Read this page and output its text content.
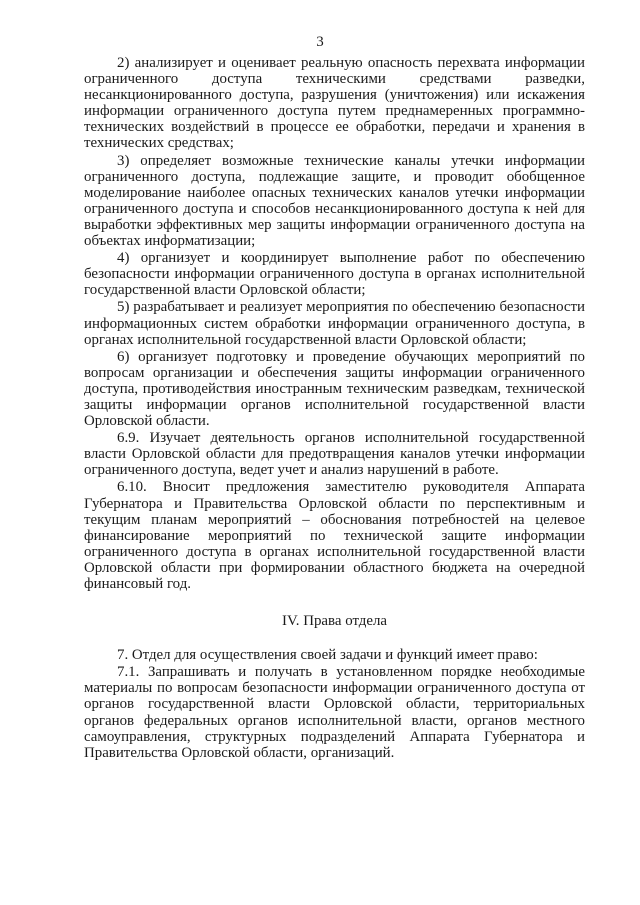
3

2) анализирует и оценивает реальную опасность перехвата информации ограниченного доступа техническими средствами разведки, несанкционированного доступа, разрушения (уничтожения) или искажения информации ограниченного доступа путем преднамеренных программно-технических воздействий в процессе ее обработки, передачи и хранения в технических средствах;

3) определяет возможные технические каналы утечки информации ограниченного доступа, подлежащие защите, и проводит обобщенное моделирование наиболее опасных технических каналов утечки информации ограниченного доступа и способов несанкционированного доступа к ней для выработки эффективных мер защиты информации ограниченного доступа на объектах информатизации;

4) организует и координирует выполнение работ по обеспечению безопасности информации ограниченного доступа в органах исполнительной государственной власти Орловской области;

5) разрабатывает и реализует мероприятия по обеспечению безопасности информационных систем обработки информации ограниченного доступа, в органах исполнительной государственной власти Орловской области;

6) организует подготовку и проведение обучающих мероприятий по вопросам организации и обеспечения защиты информации ограниченного доступа, противодействия иностранным техническим разведкам, технической защиты информации органов исполнительной государственной власти Орловской области.

6.9. Изучает деятельность органов исполнительной государственной власти Орловской области для предотвращения каналов утечки информации ограниченного доступа, ведет учет и анализ нарушений в работе.

6.10. Вносит предложения заместителю руководителя Аппарата Губернатора и Правительства Орловской области по перспективным и текущим планам мероприятий – обоснования потребностей на целевое финансирование мероприятий по технической защите информации ограниченного доступа в органах исполнительной государственной власти Орловской области при формировании областного бюджета на очередной финансовый год.

IV. Права отдела

7. Отдел для осуществления своей задачи и функций имеет право:

7.1. Запрашивать и получать в установленном порядке необходимые материалы по вопросам безопасности информации ограниченного доступа от органов государственной власти Орловской области, территориальных органов федеральных органов исполнительной власти, органов местного самоуправления, структурных подразделений Аппарата Губернатора и Правительства Орловской области, организаций.
